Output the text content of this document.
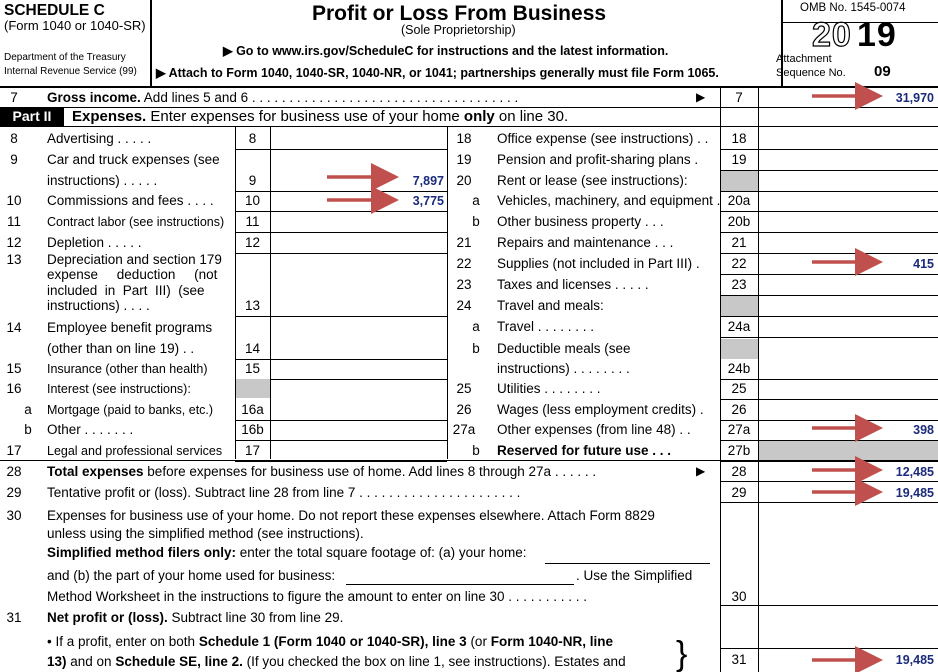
SCHEDULE C
(Form 1040 or 1040-SR)
Department of the Treasury
Internal Revenue Service (99)
Profit or Loss From Business
(Sole Proprietorship)
▶ Go to www.irs.gov/ScheduleC for instructions and the latest information.
▶ Attach to Form 1040, 1040-SR, 1040-NR, or 1041; partnerships generally must file Form 1065.
OMB No. 1545-0074
20 19
Attachment
Sequence No. 09
7	Gross income. Add lines 5 and 6 . . . . . . . . . . . . . . . . . . . . . . . . . . . . . . . . . . . .	▶	7	31,970
Part II	Expenses. Enter expenses for business use of your home only on line 30.
8	Advertising . . . . .	8
9	Car and truck expenses (see
instructions) . . . . .	9	7,897
10 Commissions and fees . . . .	10	3,775
11 Contract labor (see instructions)	11
12 Depletion . . . . .	12
14 Employee benefit programs
(other than on line 19) . .	14
15 Insurance (other than health)	15
16 Interest (see instructions):
a	Mortgage (paid to banks, etc.)	16a
b	Other . . . . . . .	16b
17 Legal and professional services	17
18	Office expense (see instructions) . .	18
19	Pension and profit-sharing plans .	19
20	Rent or lease (see instructions):
a	Vehicles, machinery, and equipment . 20a
b	Other business property . . .	20b
21	Repairs and maintenance . . .	21
22	Supplies (not included in Part III) .	22	415
23	Taxes and licenses . . . . .	23
24	Travel and meals:
a	Travel . . . . . . . .	24a
b	Deductible meals (see
instructions) . . . . . . . .	24b
25	Utilities . . . . . . . .	25
26	Wages (less employment credits) .	26
27a Other expenses (from line 48) . .	27a	398
b	Reserved for future use . . .	27b
13 Depreciation and section 179
expense     deduction     (not
included  in  Part  III)  (see
instructions) . . . .	13
28 Total expenses before expenses for business use of home. Add lines 8 through 27a . . . . . .	▶	28	12,485
29 Tentative profit or (loss). Subtract line 28 from line 7 . . . . . . . . . . . . . . . . . . . . . .	29	19,485
30 Expenses for business use of your home. Do not report these expenses elsewhere. Attach Form 8829
unless using the simplified method (see instructions).
Simplified method filers only: enter the total square footage of: (a) your home:
and (b) the part of your home used for business:	. Use the Simplified
Method Worksheet in the instructions to figure the amount to enter on line 30 . . . . . . . . . . .	30
31 Net profit or (loss). Subtract line 30 from line 29.
• If a profit, enter on both Schedule 1 (Form 1040 or 1040-SR), line 3 (or Form 1040-NR, line
13) and on Schedule SE, line 2. (If you checked the box on line 1, see instructions). Estates and }	31	19,485
